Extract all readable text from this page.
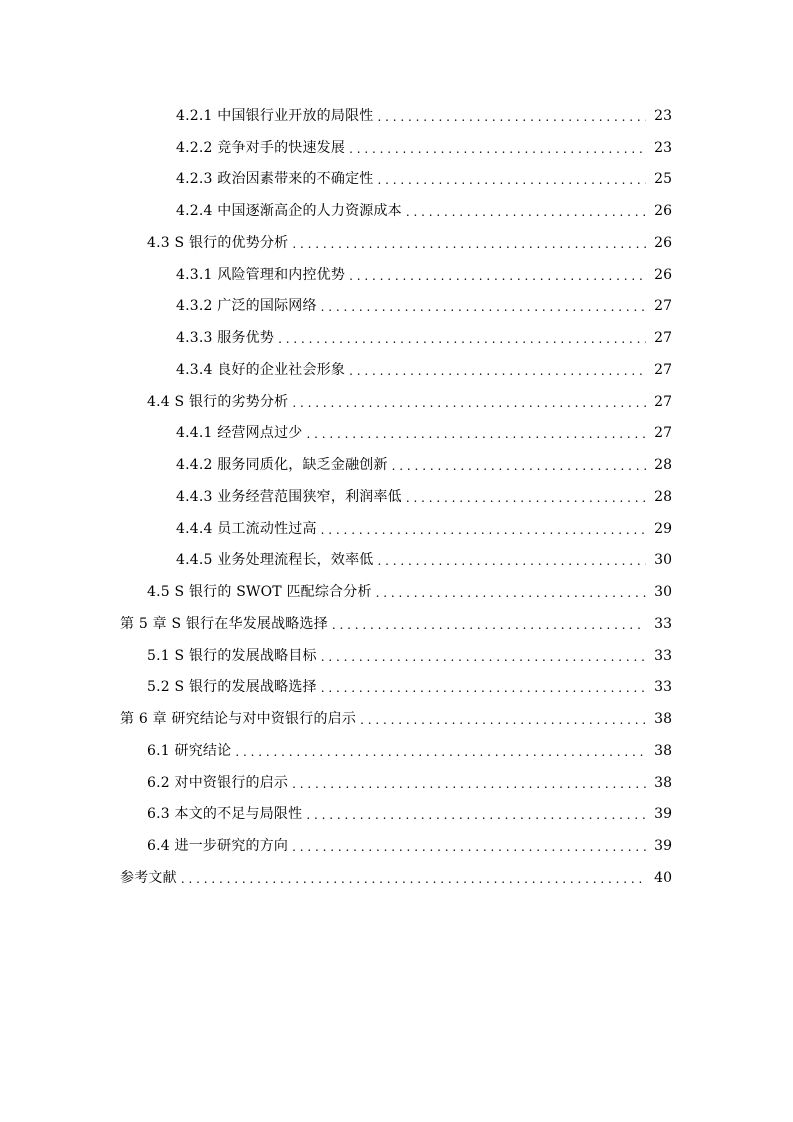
4.2.1 中国银行业开放的局限性 . . .	23
4.2.2 竞争对手的快速发展 . . .	23
4.2.3 政治因素带来的不确定性 . . .	25
4.2.4 中国逐渐高企的人力资源成本 . . .	26
4.3 S 银行的优势分析 . . .	26
4.3.1 风险管理和内控优势 . . .	26
4.3.2 广泛的国际网络 . . .	27
4.3.3 服务优势 . . .	27
4.3.4 良好的企业社会形象 . . .	27
4.4 S 银行的劣势分析 . . .	27
4.4.1 经营网点过少 . . .	27
4.4.2 服务同质化，缺乏金融创新 . . .	28
4.4.3 业务经营范围狭窄，利润率低 . . .	28
4.4.4 员工流动性过高 . . .	29
4.4.5 业务处理流程长，效率低 . . .	30
4.5 S 银行的 SWOT 匹配综合分析 . . .	30
第 5 章 S 银行在华发展战略选择 . . .	33
5.1 S 银行的发展战略目标 . . .	33
5.2 S 银行的发展战略选择 . . .	33
第 6 章 研究结论与对中资银行的启示 . . .	38
6.1 研究结论 . . .	38
6.2 对中资银行的启示 . . .	38
6.3 本文的不足与局限性 . . .	39
6.4 进一步研究的方向 . . .	39
参考文献 . . .	40
